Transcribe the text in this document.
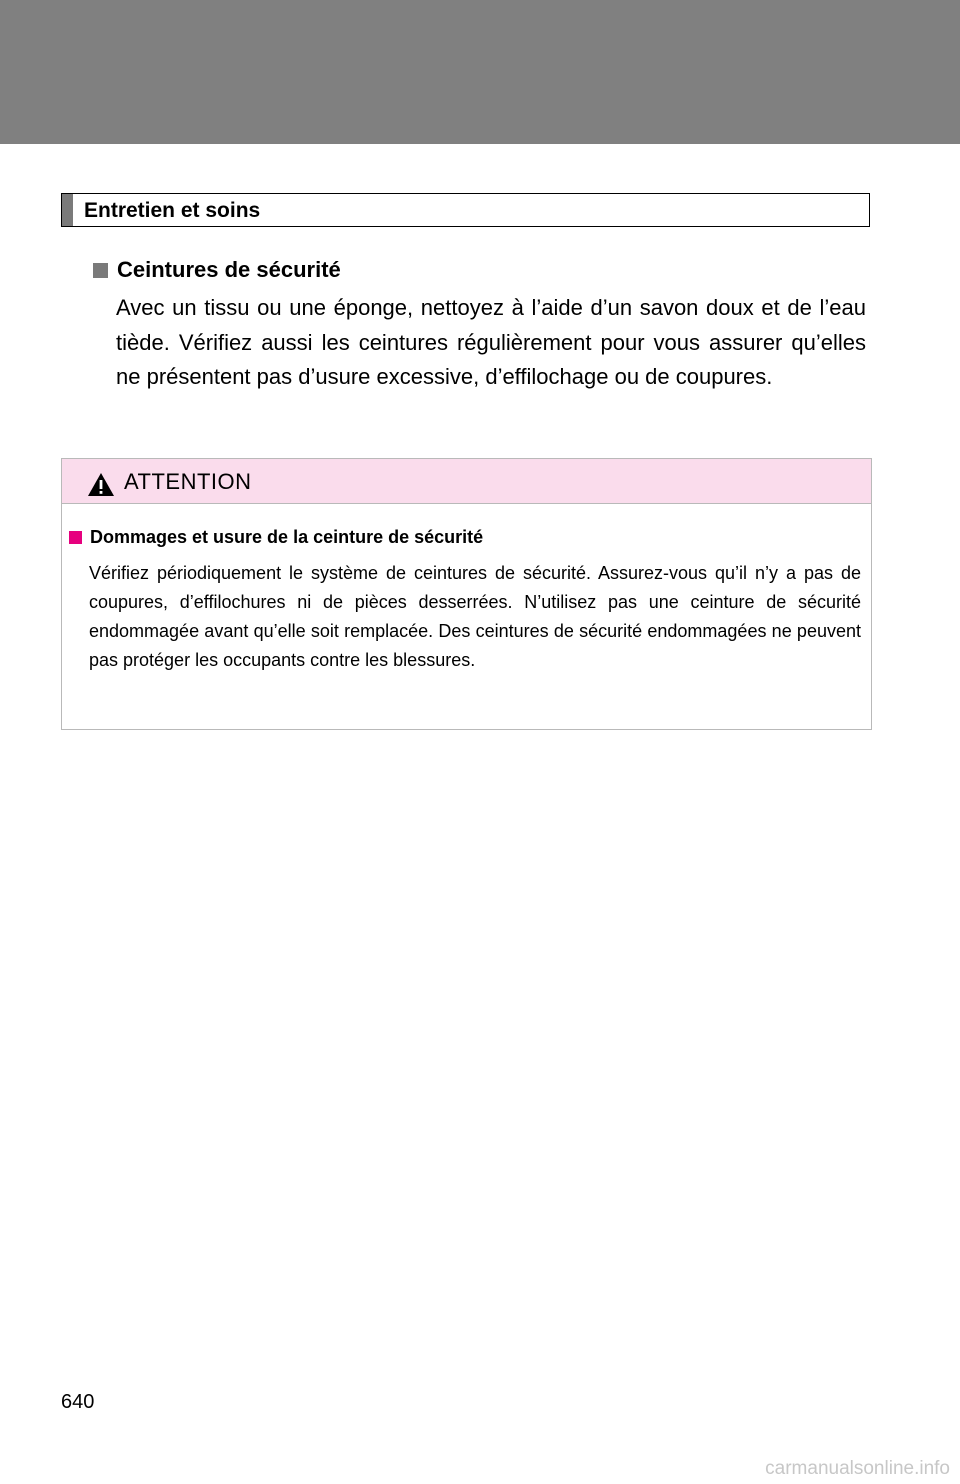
Entretien et soins
Ceintures de sécurité
Avec un tissu ou une éponge, nettoyez à l’aide d’un savon doux et de l’eau tiède. Vérifiez aussi les ceintures régulièrement pour vous assurer qu’elles ne présentent pas d’usure excessive, d’effilochage ou de coupures.
ATTENTION
Dommages et usure de la ceinture de sécurité
Vérifiez périodiquement le système de ceintures de sécurité. Assurez-vous qu’il n’y a pas de coupures, d’effilochures ni de pièces desserrées. N’utilisez pas une ceinture de sécurité endommagée avant qu’elle soit remplacée. Des ceintures de sécurité endommagées ne peuvent pas protéger les occupants contre les blessures.
640
carmanualsonline.info
